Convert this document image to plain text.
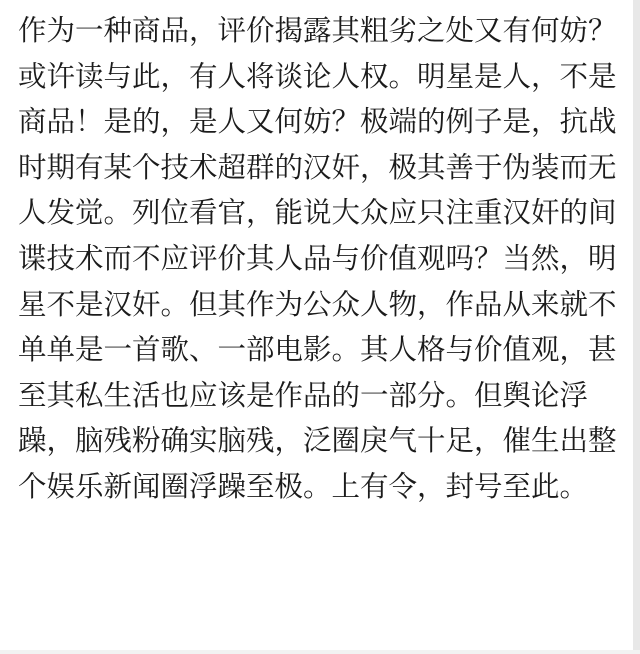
作为一种商品，评价揭露其粗劣之处又有何妨？或许读与此，有人将谈论人权。明星是人，不是商品！是的，是人又何妨？极端的例子是，抗战时期有某个技术超群的汉奸，极其善于伪装而无人发觉。列位看官，能说大众应只注重汉奸的间谍技术而不应评价其人品与价值观吗？当然，明星不是汉奸。但其作为公众人物，作品从来就不单单是一首歌、一部电影。其人格与价值观，甚至其私生活也应该是作品的一部分。但舆论浮躁，脑残粉确实脑残，泛圈戾气十足，催生出整个娱乐新闻圈浮躁至极。上有令，封号至此。
